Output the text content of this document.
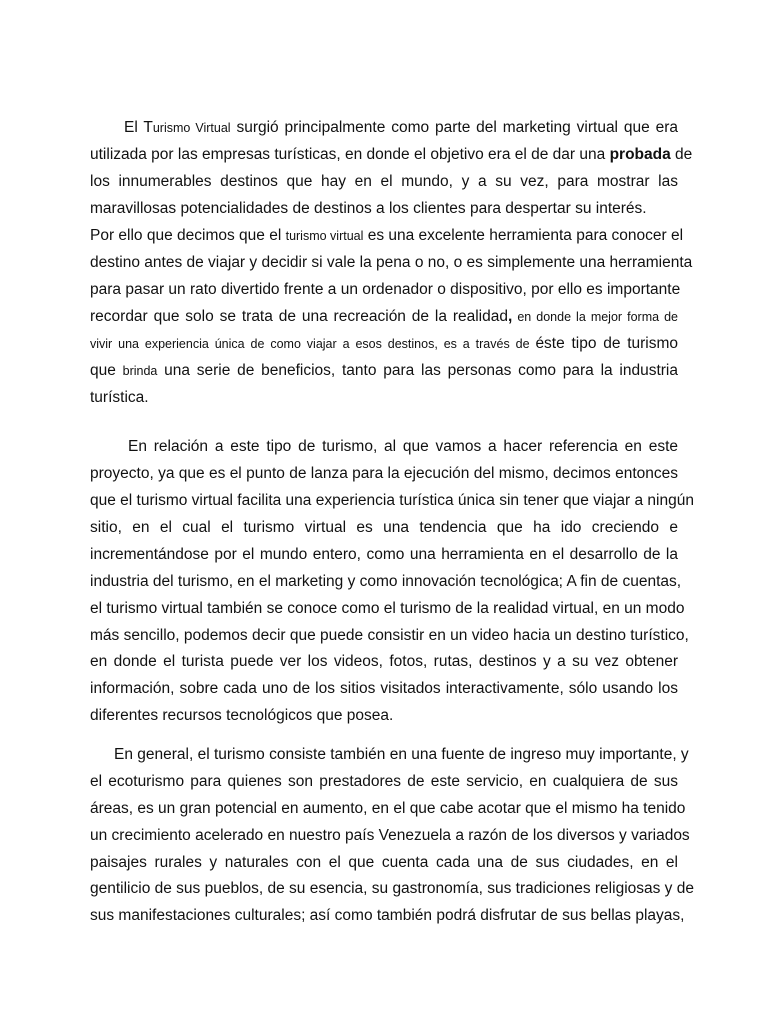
El Turismo Virtual surgió principalmente como parte del marketing virtual que era
utilizada por las empresas turísticas, en donde el objetivo era el de dar una probada de
los innumerables destinos que hay en el mundo, y a su vez, para mostrar las
maravillosas potencialidades de destinos a los clientes para despertar su interés.
Por ello que decimos que el turismo virtual es una excelente herramienta para conocer el
destino antes de viajar y decidir si vale la pena o no, o es simplemente una herramienta
para pasar un rato divertido frente a un ordenador o dispositivo, por ello es importante
recordar que solo se trata de una recreación de la realidad, en donde la mejor forma de
vivir una experiencia única de como viajar a esos destinos, es a través de éste tipo de turismo
que brinda una serie de beneficios, tanto para las personas como para la industria
turística.
En relación a este tipo de turismo, al que vamos a hacer referencia en este
proyecto, ya que es el punto de lanza para la ejecución del mismo, decimos entonces
que el turismo virtual facilita una experiencia turística única sin tener que viajar a ningún
sitio, en el cual el turismo virtual es una tendencia que ha ido creciendo e
incrementándose por el mundo entero, como una herramienta en el desarrollo de la
industria del turismo, en el marketing y como innovación tecnológica; A fin de cuentas,
el turismo virtual también se conoce como el turismo de la realidad virtual, en un modo
más sencillo, podemos decir que puede consistir en un video hacia un destino turístico,
en donde el turista puede ver los videos, fotos, rutas, destinos y a su vez obtener
información, sobre cada uno de los sitios visitados interactivamente, sólo usando los
diferentes recursos tecnológicos que posea.
En general, el turismo consiste también en una fuente de ingreso muy importante, y
el ecoturismo para quienes son prestadores de este servicio, en cualquiera de sus
áreas, es un gran potencial en aumento, en el que cabe acotar que el mismo ha tenido
un crecimiento acelerado en nuestro país Venezuela a razón de los diversos y variados
paisajes rurales y naturales con el que cuenta cada una de sus ciudades, en el
gentilicio de sus pueblos, de su esencia, su gastronomía, sus tradiciones religiosas y de
sus manifestaciones culturales; así como también podrá disfrutar de sus bellas playas,
